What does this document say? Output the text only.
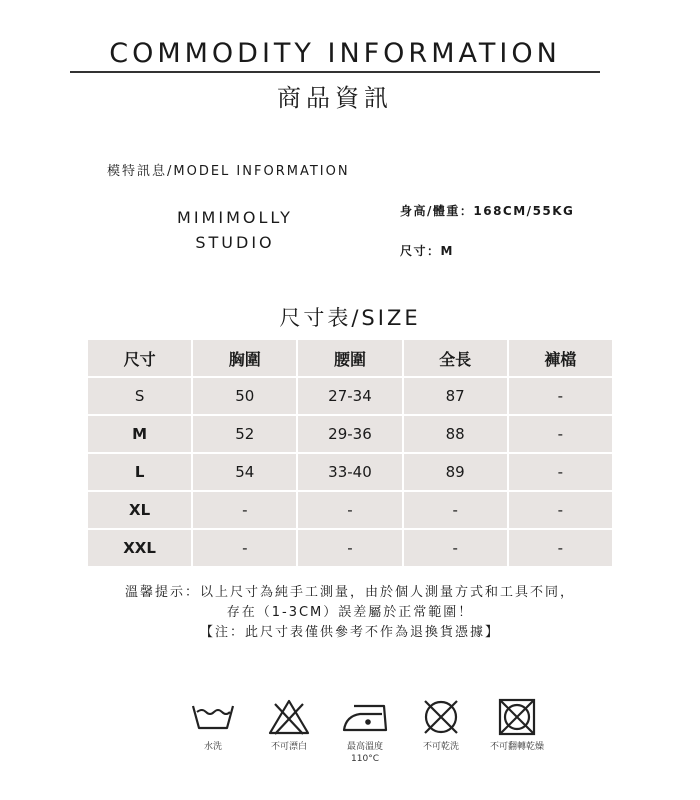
COMMODITY INFORMATION
商品資訊
模特訊息/MODEL INFORMATION
MIMIMOLLY
STUDIO
身高/體重：168CM/55KG
尺寸：M
尺寸表/SIZE
尺寸	胸圍	腰圍	全長	褲檔
S	50	27-34	87	-
M	52	29-36	88	-
L	54	33-40	89	-
XL	-	-	-	-
XXL	-	-	-	-
溫馨提示：以上尺寸為純手工測量，由於個人測量方式和工具不同，
存在（1-3CM）誤差屬於正常範圍！
【注：此尺寸表僅供參考不作為退換貨憑據】
水洗	不可漂白	最高溫度
110°C
不可乾洗	不可翻轉乾燥
